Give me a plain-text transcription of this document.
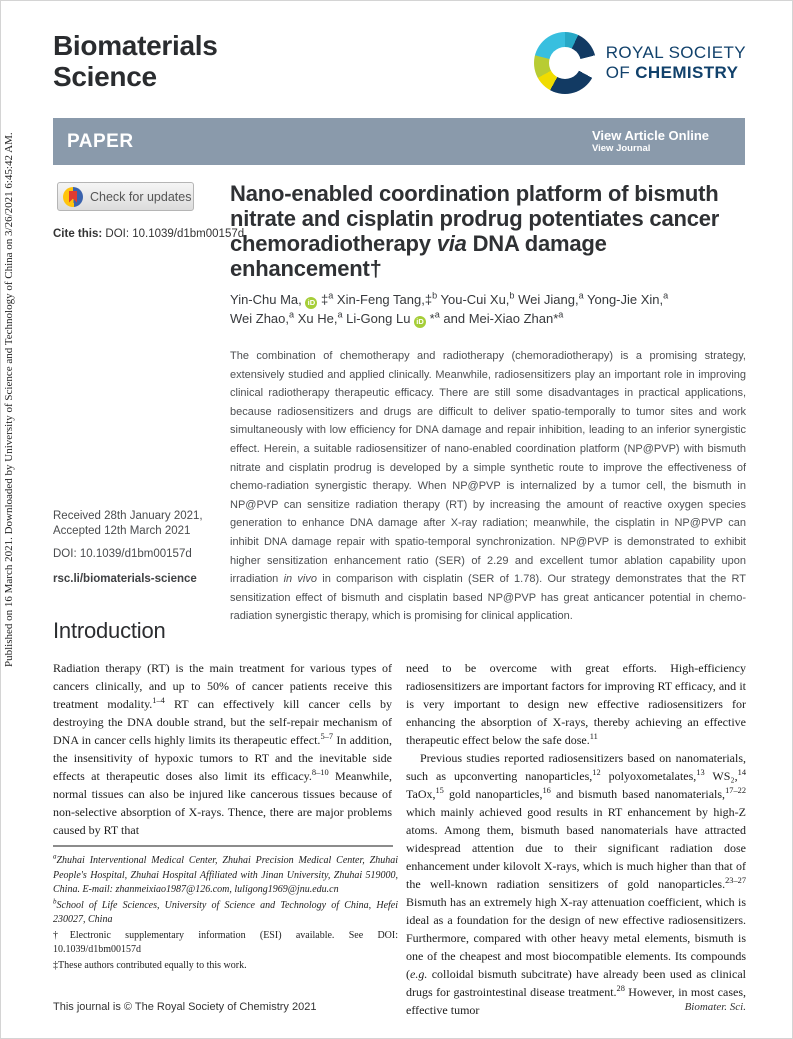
Published on 16 March 2021. Downloaded by University of Science and Technology of China on 3/26/2021 6:45:42 AM.
Biomaterials
Science
ROYAL SOCIETY
OF CHEMISTRY
PAPER	View Article Online
View Journal
Check for updates
Cite this: DOI: 10.1039/d1bm00157d
Nano-enabled coordination platform of bismuth nitrate and cisplatin prodrug potentiates cancer chemoradiotherapy via DNA damage enhancement†
Yin-Chu Ma, iD ‡$^a$ Xin-Feng Tang,‡$^b$ You-Cui Xu,$^b$ Wei Jiang,$^a$ Yong-Jie Xin,$^a$
Wei Zhao,$^a$ Xu He,$^a$ Li-Gong Lu iD *$^a$ and Mei-Xiao Zhan*$^a$
The combination of chemotherapy and radiotherapy (chemoradiotherapy) is a promising strategy, extensively studied and applied clinically. Meanwhile, radiosensitizers play an important role in improving clinical radiotherapy therapeutic efficacy. There are still some disadvantages in practical applications, because radiosensitizers and drugs are difficult to deliver spatio-temporally to tumor sites and work simultaneously with low efficiency for DNA damage and repair inhibition, leading to an inferior synergistic effect. Herein, a suitable radiosensitizer of nano-enabled coordination platform (NP@PVP) with bismuth nitrate and cisplatin prodrug is developed by a simple synthetic route to improve the effectiveness of chemo-radiation synergistic therapy. When NP@PVP is internalized by a tumor cell, the bismuth in NP@PVP can sensitize radiation therapy (RT) by increasing the amount of reactive oxygen species generation to enhance DNA damage after X-ray radiation; meanwhile, the cisplatin in NP@PVP can inhibit DNA damage repair with spatio-temporal synchronization. NP@PVP is demonstrated to exhibit higher sensitization enhancement ratio (SER) of 2.29 and excellent tumor ablation capability upon irradiation in vivo in comparison with cisplatin (SER of 1.78). Our strategy demonstrates that the RT sensitization effect of bismuth and cisplatin based NP@PVP has great anticancer potential in chemo-radiation synergistic therapy, which is promising for clinical application.
Received 28th January 2021,
Accepted 12th March 2021
DOI: 10.1039/d1bm00157d
rsc.li/biomaterials-science
Introduction

Radiation therapy (RT) is the main treatment for various types of cancers clinically, and up to 50% of cancer patients receive this treatment modality.$^{1-4}$ RT can effectively kill cancer cells by destroying the DNA double strand, but the self-repair mechanism of DNA in cancer cells highly limits its therapeutic effect.$^{5-7}$ In addition, the insensitivity of hypoxic tumors to RT and the inevitable side effects at therapeutic doses also limit its efficacy.$^{8-10}$ Meanwhile, normal tissues can also be injured like cancerous tissues because of non-selective absorption of X-rays. Thence, there are major problems caused by RT that

need to be overcome with great efforts. High-efficiency radiosensitizers are important factors for improving RT efficacy, and it is very important to design new effective radiosensitizers for enhancing the absorption of X-rays, thereby achieving an effective therapeutic effect below the safe dose.$^{11}$

Previous studies reported radiosensitizers based on nanomaterials, such as upconverting nanoparticles,$^{12}$ polyoxometalates,$^{13}$ WS₂,$^{14}$ TaOx,$^{15}$ gold nanoparticles,$^{16}$ and bismuth based nanomaterials,$^{17-22}$ which mainly achieved good results in RT enhancement by high-Z atoms. Among them, bismuth based nanomaterials have attracted widespread attention due to their significant radiation dose enhancement under kilovolt X-rays, which is much higher than that of the well-known radiation sensitizers of gold nanoparticles.$^{23-27}$ Bismuth has an extremely high X-ray attenuation coefficient, which is ideal as a foundation for the design of new effective radiosensitizers. Furthermore, compared with other heavy metal elements, bismuth is one of the cheapest and most biocompatible elements. Its compounds (e.g. colloidal bismuth subcitrate) have already been used as clinical drugs for gastrointestinal disease treatment.$^{28}$ However, in most cases, effective tumor

$^a$Zhuhai Interventional Medical Center, Zhuhai Precision Medical Center, Zhuhai People's Hospital, Zhuhai Hospital Affiliated with Jinan University, Zhuhai 519000, China. E-mail: zhanmeixiao1987@126.com, luligong1969@jnu.edu.cn

$^b$School of Life Sciences, University of Science and Technology of China, Hefei 230027, China

†Electronic supplementary information (ESI) available. See DOI: 10.1039/d1bm00157d

‡These authors contributed equally to this work.

This journal is © The Royal Society of Chemistry 2021	Biomater. Sci.
